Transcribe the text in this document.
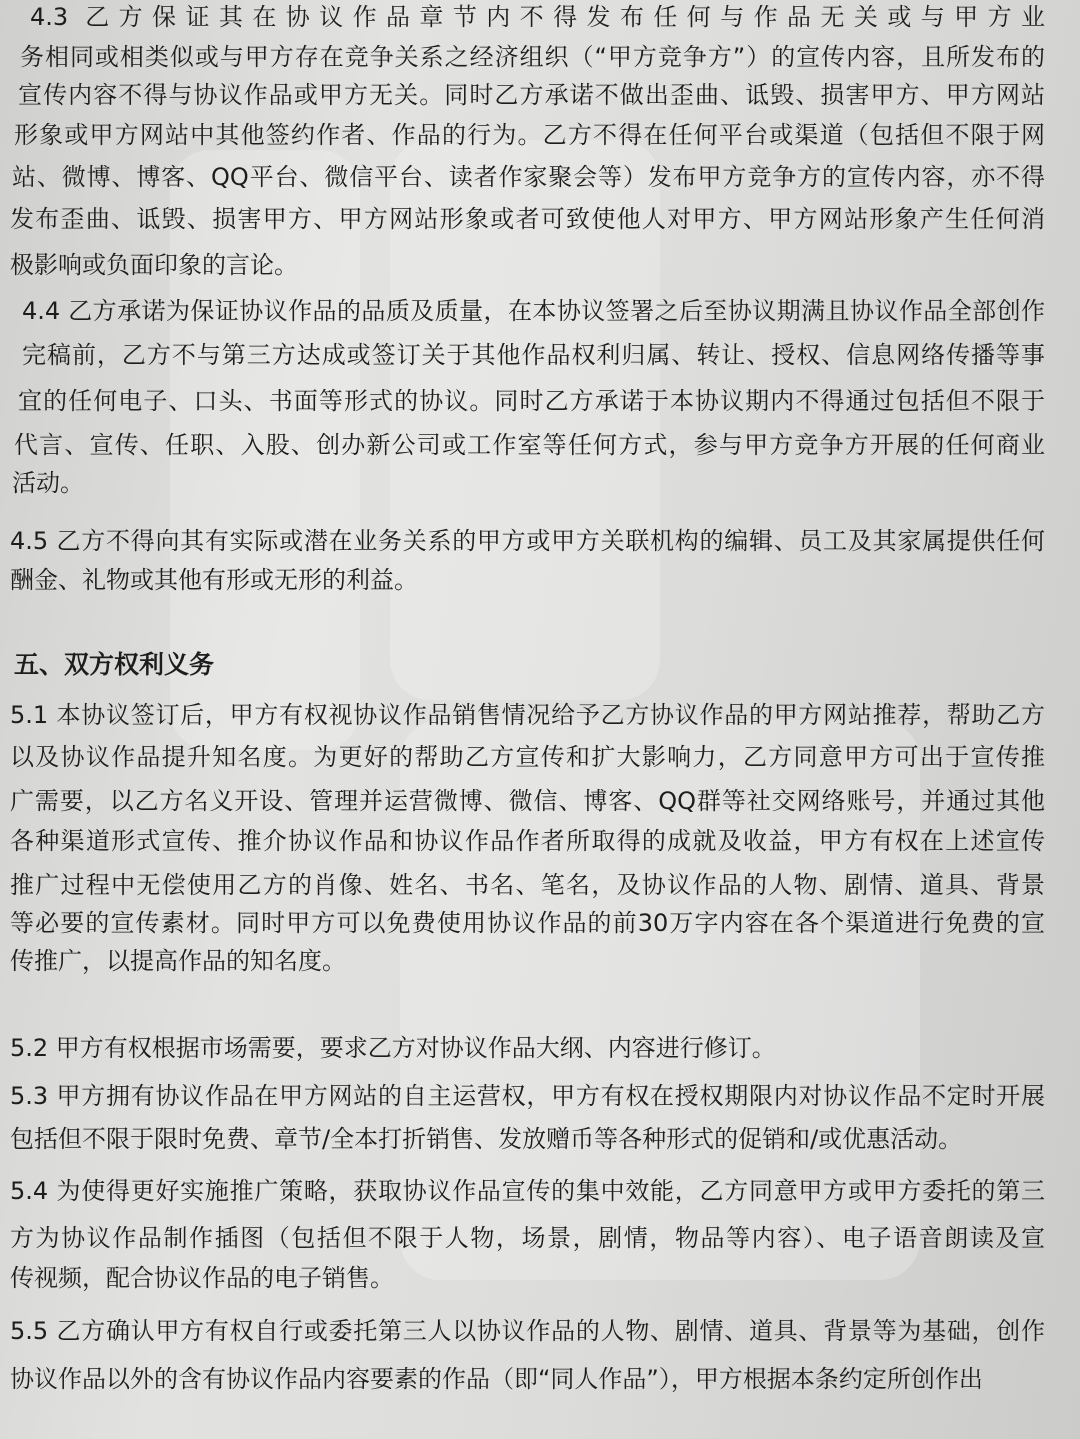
五、双方权利义务
4.3 乙方保证其在协议作品章节内不得发布任何与作品无关或与甲方业
务相同或相类似或与甲方存在竞争关系之经济组织（“甲方竞争方”）的宣传内容，且所发布的
宣传内容不得与协议作品或甲方无关。同时乙方承诺不做出歪曲、诋毁、损害甲方、甲方网站
形象或甲方网站中其他签约作者、作品的行为。乙方不得在任何平台或渠道（包括但不限于网
站、微博、博客、QQ平台、微信平台、读者作家聚会等）发布甲方竞争方的宣传内容，亦不得
发布歪曲、诋毁、损害甲方、甲方网站形象或者可致使他人对甲方、甲方网站形象产生任何消
极影响或负面印象的言论。
4.4 乙方承诺为保证协议作品的品质及质量，在本协议签署之后至协议期满且协议作品全部创作
完稿前，乙方不与第三方达成或签订关于其他作品权利归属、转让、授权、信息网络传播等事
宜的任何电子、口头、书面等形式的协议。同时乙方承诺于本协议期内不得通过包括但不限于
代言、宣传、任职、入股、创办新公司或工作室等任何方式，参与甲方竞争方开展的任何商业
活动。
4.5 乙方不得向其有实际或潜在业务关系的甲方或甲方关联机构的编辑、员工及其家属提供任何
酬金、礼物或其他有形或无形的利益。
5.1 本协议签订后，甲方有权视协议作品销售情况给予乙方协议作品的甲方网站推荐，帮助乙方
以及协议作品提升知名度。为更好的帮助乙方宣传和扩大影响力，乙方同意甲方可出于宣传推
广需要，以乙方名义开设、管理并运营微博、微信、博客、QQ群等社交网络账号，并通过其他
各种渠道形式宣传、推介协议作品和协议作品作者所取得的成就及收益，甲方有权在上述宣传
推广过程中无偿使用乙方的肖像、姓名、书名、笔名，及协议作品的人物、剧情、道具、背景
等必要的宣传素材。同时甲方可以免费使用协议作品的前30万字内容在各个渠道进行免费的宣
传推广，以提高作品的知名度。
5.2 甲方有权根据市场需要，要求乙方对协议作品大纲、内容进行修订。
5.3 甲方拥有协议作品在甲方网站的自主运营权，甲方有权在授权期限内对协议作品不定时开展
包括但不限于限时免费、章节/全本打折销售、发放赠币等各种形式的促销和/或优惠活动。
5.4 为使得更好实施推广策略，获取协议作品宣传的集中效能，乙方同意甲方或甲方委托的第三
方为协议作品制作插图（包括但不限于人物，场景，剧情，物品等内容）、电子语音朗读及宣
传视频，配合协议作品的电子销售。
5.5 乙方确认甲方有权自行或委托第三人以协议作品的人物、剧情、道具、背景等为基础，创作
协议作品以外的含有协议作品内容要素的作品（即“同人作品”），甲方根据本条约定所创作出
